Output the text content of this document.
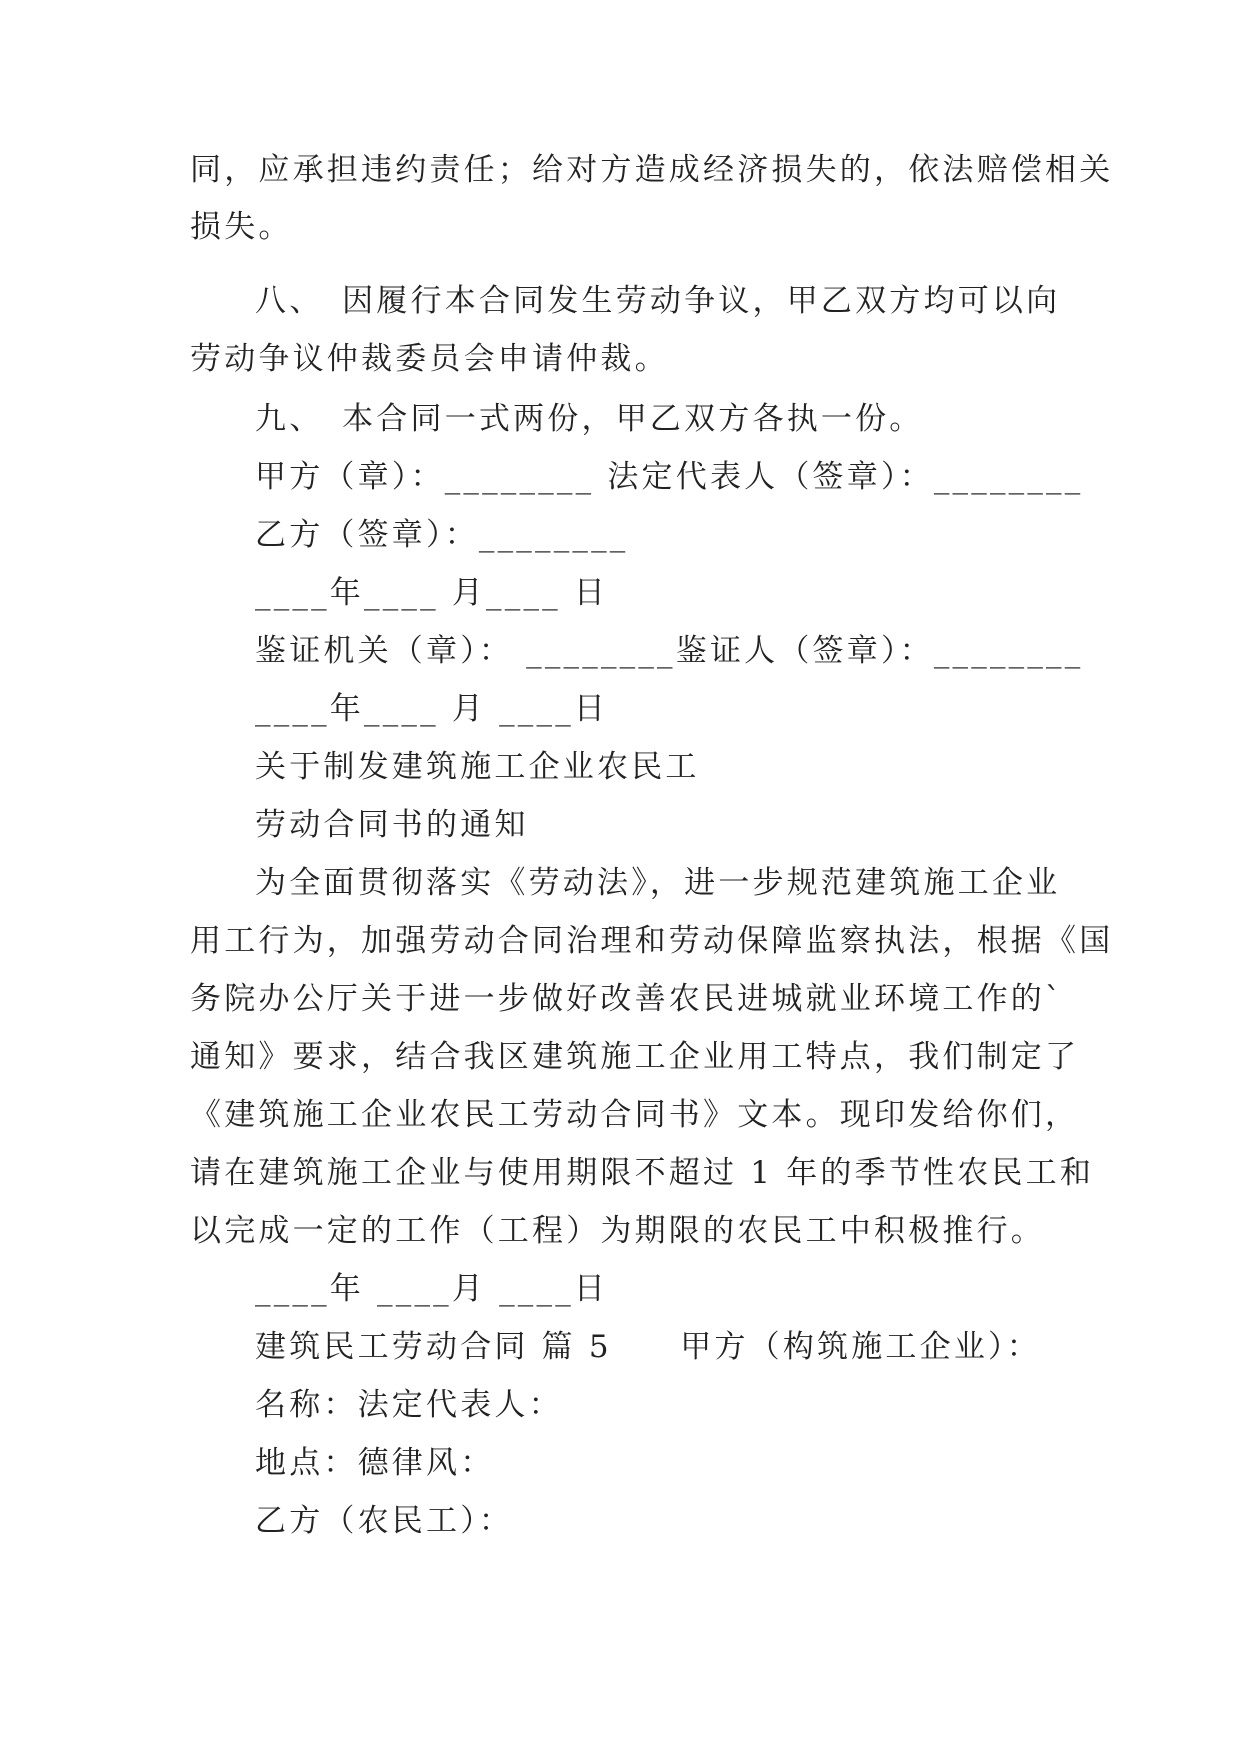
同，应承担违约责任；给对方造成经济损失的，依法赔偿相关
损失。
八、　因履行本合同发生劳动争议，甲乙双方均可以向
劳动争议仲裁委员会申请仲裁。
九、　本合同一式两份，甲乙双方各执一份。
甲方（章）：________ 法定代表人（签章）：________
乙方（签章）：________
____年____ 月____ 日
鉴证机关（章）： ________鉴证人（签章）：________
____年____ 月 ____日
关于制发建筑施工企业农民工
劳动合同书的通知
为全面贯彻落实《劳动法》，进一步规范建筑施工企业
用工行为，加强劳动合同治理和劳动保障监察执法，根据《国
务院办公厅关于进一步做好改善农民进城就业环境工作的`
通知》要求，结合我区建筑施工企业用工特点，我们制定了
《建筑施工企业农民工劳动合同书》文本。现印发给你们，
请在建筑施工企业与使用期限不超过 1 年的季节性农民工和
以完成一定的工作（工程）为期限的农民工中积极推行。
____年 ____月 ____日
建筑民工劳动合同 篇 5　　甲方（构筑施工企业）：
名称：法定代表人：
地点：德律风：
乙方（农民工）：
